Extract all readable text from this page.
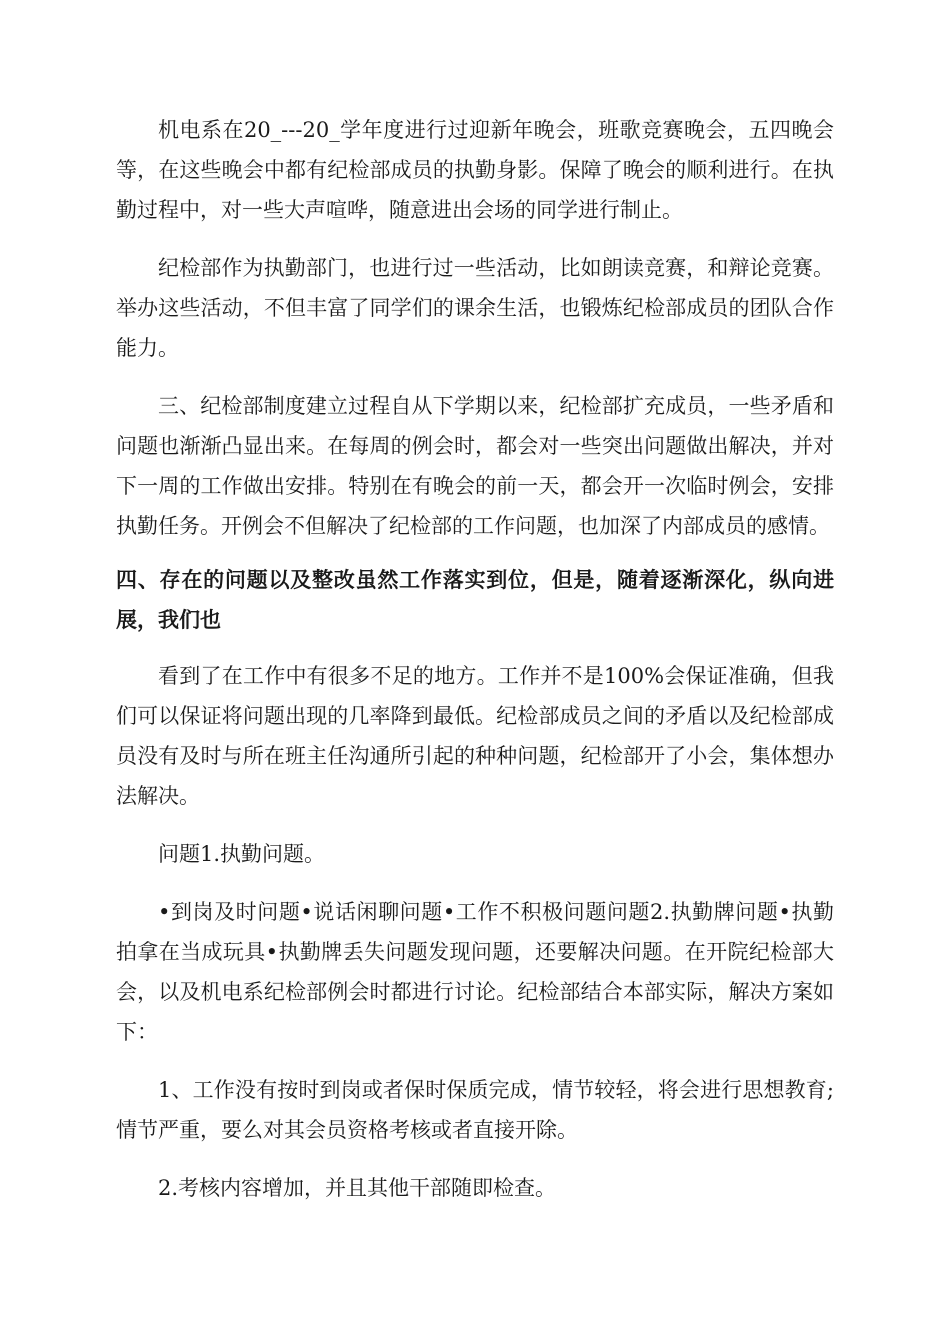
机电系在20_---20_学年度进行过迎新年晚会，班歌竞赛晚会，五四晚会等，在这些晚会中都有纪检部成员的执勤身影。保障了晚会的顺利进行。在执勤过程中，对一些大声喧哗，随意进出会场的同学进行制止。

纪检部作为执勤部门，也进行过一些活动，比如朗读竞赛，和辩论竞赛。举办这些活动，不但丰富了同学们的课余生活，也锻炼纪检部成员的团队合作能力。

三、纪检部制度建立过程自从下学期以来，纪检部扩充成员，一些矛盾和问题也渐渐凸显出来。在每周的例会时，都会对一些突出问题做出解决，并对下一周的工作做出安排。特别在有晚会的前一天，都会开一次临时例会，安排执勤任务。开例会不但解决了纪检部的工作问题，也加深了内部成员的感情。

四、存在的问题以及整改虽然工作落实到位，但是，随着逐渐深化，纵向进展，我们也

看到了在工作中有很多不足的地方。工作并不是100%会保证准确，但我们可以保证将问题出现的几率降到最低。纪检部成员之间的矛盾以及纪检部成员没有及时与所在班主任沟通所引起的种种问题，纪检部开了小会，集体想办法解决。

问题1.执勤问题。

•到岗及时问题•说话闲聊问题•工作不积极问题问题2.执勤牌问题•执勤拍拿在当成玩具•执勤牌丢失问题发现问题，还要解决问题。在开院纪检部大会，以及机电系纪检部例会时都进行讨论。纪检部结合本部实际，解决方案如下：

1、工作没有按时到岗或者保时保质完成，情节较轻，将会进行思想教育;情节严重，要么对其会员资格考核或者直接开除。

2.考核内容增加，并且其他干部随即检查。
